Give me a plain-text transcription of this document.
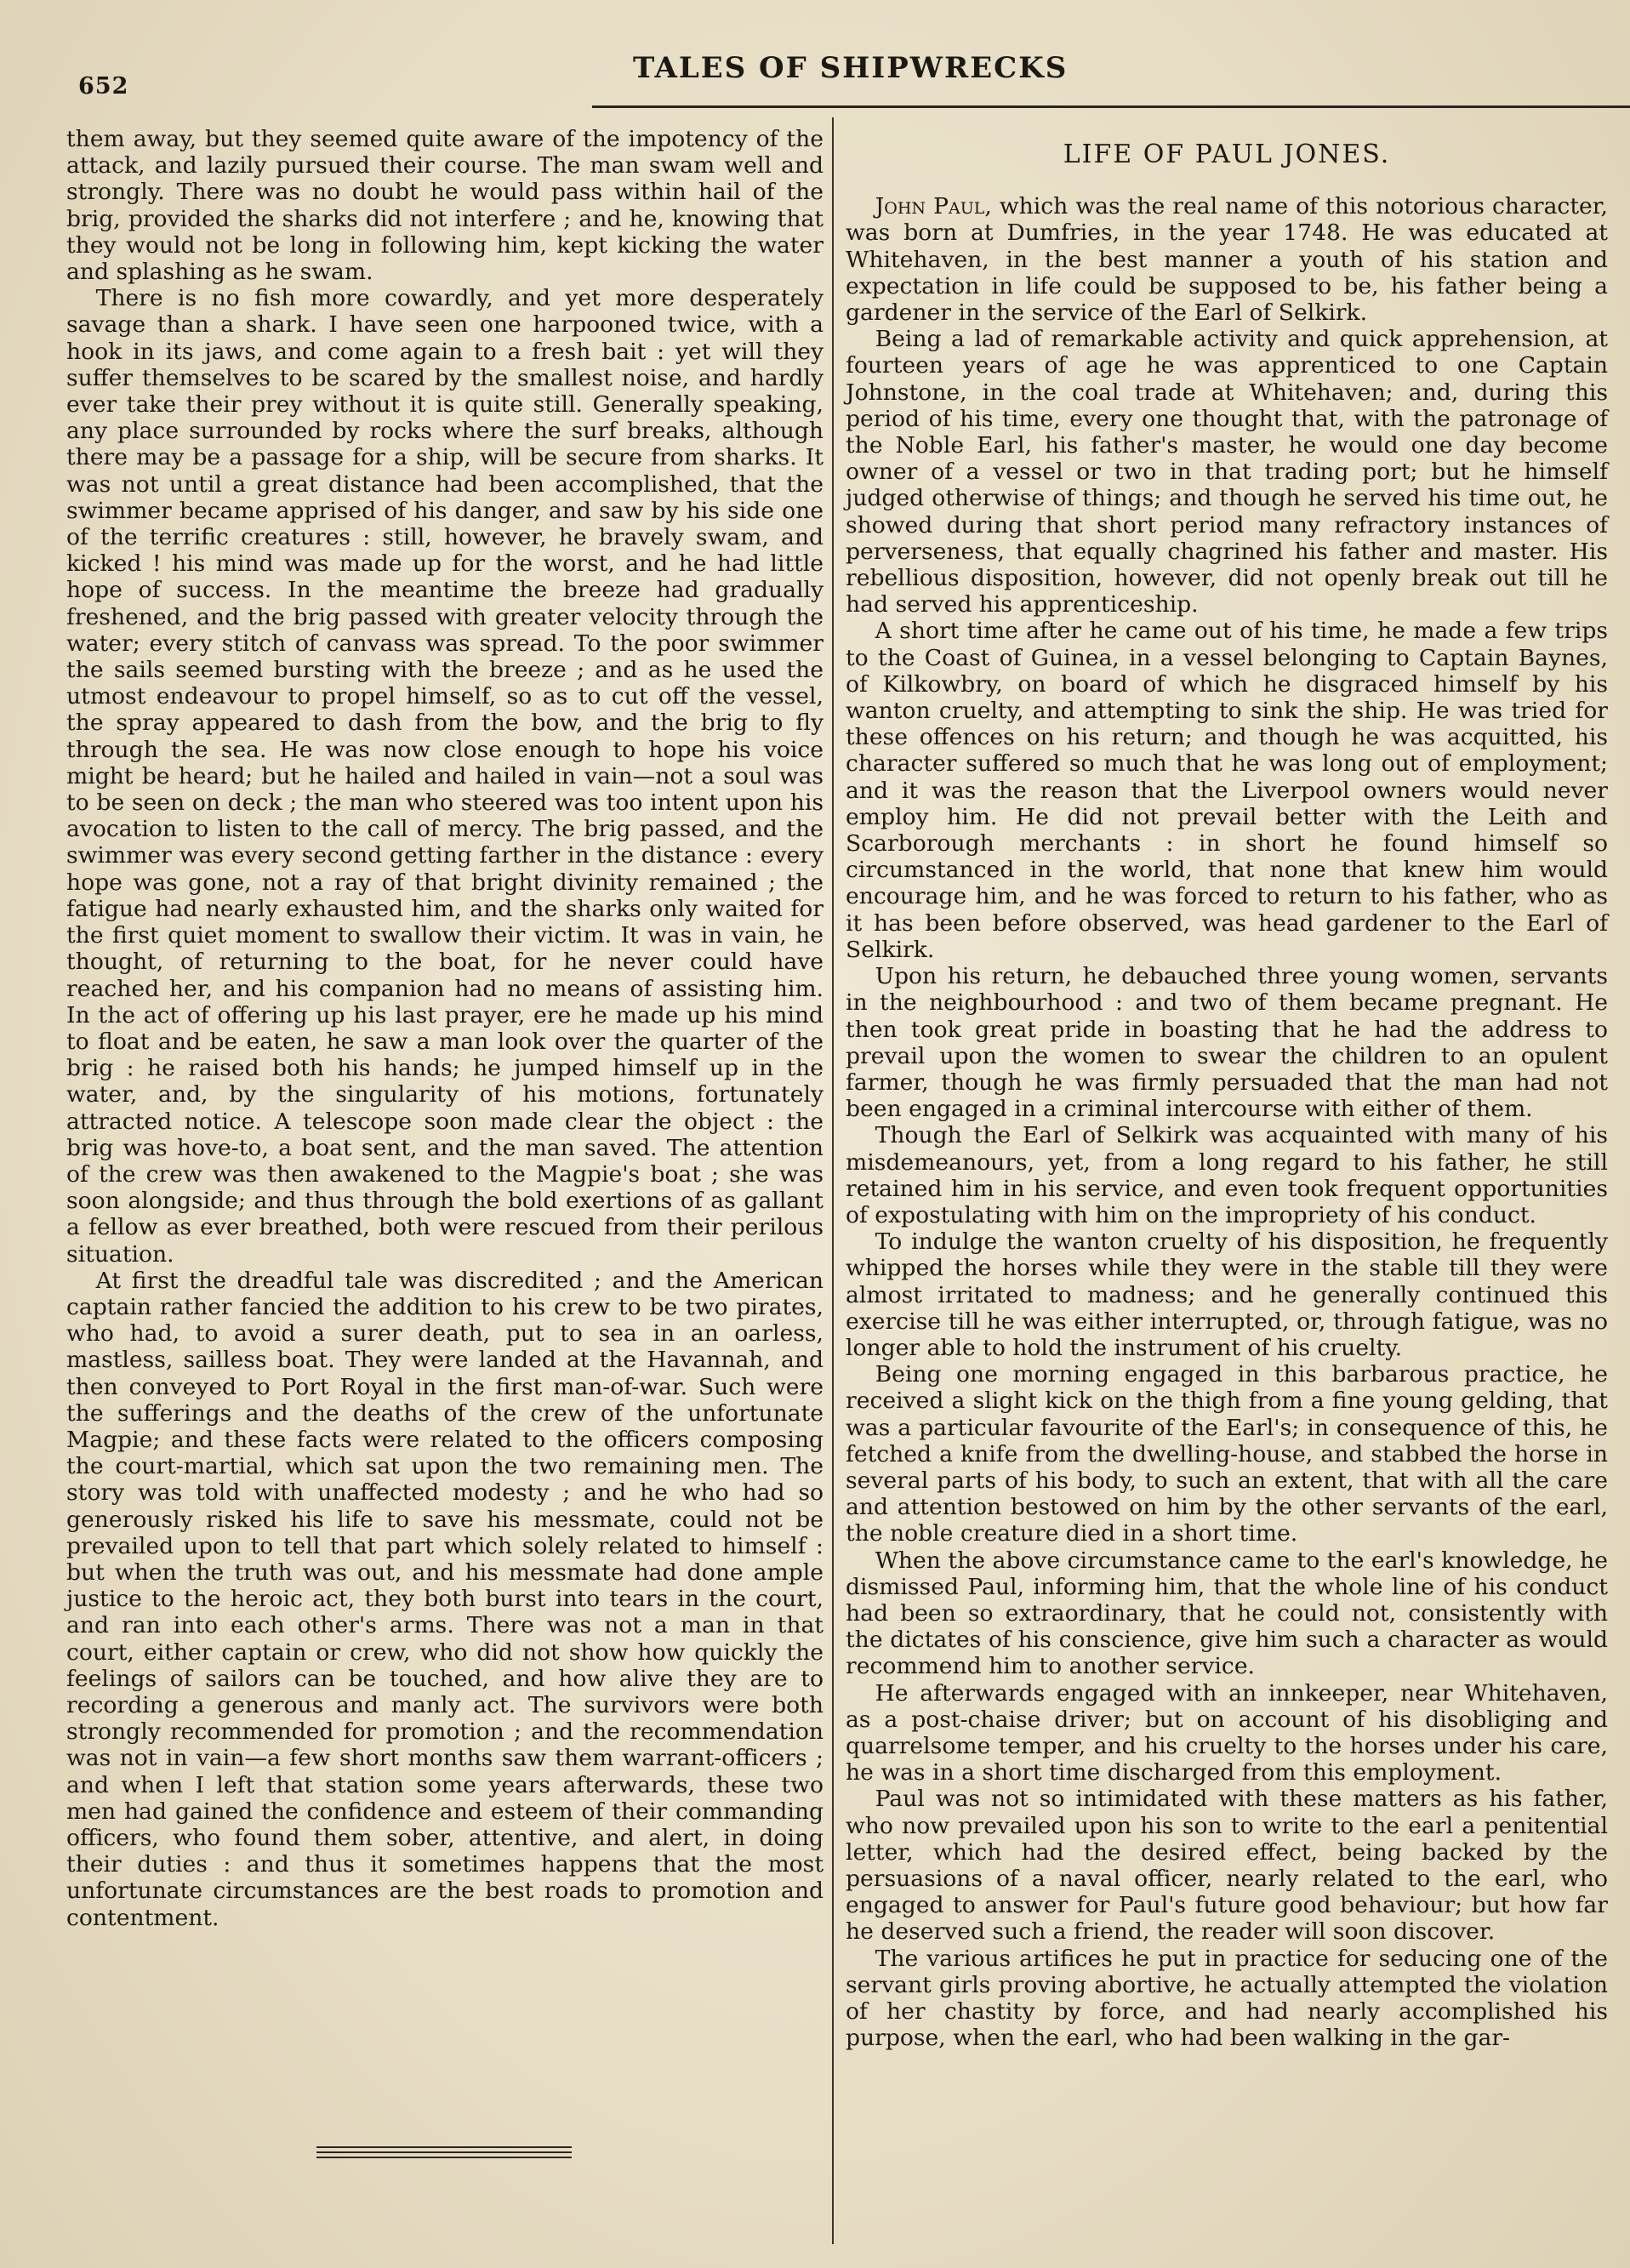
652
TALES OF SHIPWRECKS

them away, but they seemed quite aware of the impotency of the attack, and lazily pursued their course. The man swam well and strongly. There was no doubt he would pass within hail of the brig, provided the sharks did not interfere ; and he, knowing that they would not be long in following him, kept kicking the water and splashing as he swam.

There is no fish more cowardly, and yet more desperately savage than a shark. I have seen one harpooned twice, with a hook in its jaws, and come again to a fresh bait : yet will they suffer themselves to be scared by the smallest noise, and hardly ever take their prey without it is quite still. Generally speaking, any place surrounded by rocks where the surf breaks, although there may be a passage for a ship, will be secure from sharks. It was not until a great distance had been accomplished, that the swimmer became apprised of his danger, and saw by his side one of the terrific creatures : still, however, he bravely swam, and kicked ! his mind was made up for the worst, and he had little hope of success. In the meantime the breeze had gradually freshened, and the brig passed with greater velocity through the water; every stitch of canvass was spread. To the poor swimmer the sails seemed bursting with the breeze ; and as he used the utmost endeavour to propel himself, so as to cut off the vessel, the spray appeared to dash from the bow, and the brig to fly through the sea. He was now close enough to hope his voice might be heard; but he hailed and hailed in vain—not a soul was to be seen on deck ; the man who steered was too intent upon his avocation to listen to the call of mercy. The brig passed, and the swimmer was every second getting farther in the distance : every hope was gone, not a ray of that bright divinity remained ; the fatigue had nearly exhausted him, and the sharks only waited for the first quiet moment to swallow their victim. It was in vain, he thought, of returning to the boat, for he never could have reached her, and his companion had no means of assisting him. In the act of offering up his last prayer, ere he made up his mind to float and be eaten, he saw a man look over the quarter of the brig : he raised both his hands; he jumped himself up in the water, and, by the singularity of his motions, fortunately attracted notice. A telescope soon made clear the object : the brig was hove-to, a boat sent, and the man saved. The attention of the crew was then awakened to the Magpie's boat ; she was soon alongside; and thus through the bold exertions of as gallant a fellow as ever breathed, both were rescued from their perilous situation.

At first the dreadful tale was discredited ; and the American captain rather fancied the addition to his crew to be two pirates, who had, to avoid a surer death, put to sea in an oarless, mastless, sailless boat. They were landed at the Havannah, and then conveyed to Port Royal in the first man-of-war. Such were the sufferings and the deaths of the crew of the unfortunate Magpie; and these facts were related to the officers composing the court-martial, which sat upon the two remaining men. The story was told with unaffected modesty ; and he who had so generously risked his life to save his messmate, could not be prevailed upon to tell that part which solely related to himself : but when the truth was out, and his messmate had done ample justice to the heroic act, they both burst into tears in the court, and ran into each other's arms. There was not a man in that court, either captain or crew, who did not show how quickly the feelings of sailors can be touched, and how alive they are to recording a generous and manly act. The survivors were both strongly recommended for promotion ; and the recommendation was not in vain—a few short months saw them warrant-officers ; and when I left that station some years afterwards, these two men had gained the confidence and esteem of their commanding officers, who found them sober, attentive, and alert, in doing their duties : and thus it sometimes happens that the most unfortunate circumstances are the best roads to promotion and contentment.

LIFE OF PAUL JONES.

John Paul, which was the real name of this notorious character, was born at Dumfries, in the year 1748. He was educated at Whitehaven, in the best manner a youth of his station and expectation in life could be supposed to be, his father being a gardener in the service of the Earl of Selkirk.

Being a lad of remarkable activity and quick apprehension, at fourteen years of age he was apprenticed to one Captain Johnstone, in the coal trade at Whitehaven; and, during this period of his time, every one thought that, with the patronage of the Noble Earl, his father's master, he would one day become owner of a vessel or two in that trading port; but he himself judged otherwise of things; and though he served his time out, he showed during that short period many refractory instances of perverseness, that equally chagrined his father and master. His rebellious disposition, however, did not openly break out till he had served his apprenticeship.

A short time after he came out of his time, he made a few trips to the Coast of Guinea, in a vessel belonging to Captain Baynes, of Kilkowbry, on board of which he disgraced himself by his wanton cruelty, and attempting to sink the ship. He was tried for these offences on his return; and though he was acquitted, his character suffered so much that he was long out of employment; and it was the reason that the Liverpool owners would never employ him. He did not prevail better with the Leith and Scarborough merchants : in short he found himself so circumstanced in the world, that none that knew him would encourage him, and he was forced to return to his father, who as it has been before observed, was head gardener to the Earl of Selkirk.

Upon his return, he debauched three young women, servants in the neighbourhood : and two of them became pregnant. He then took great pride in boasting that he had the address to prevail upon the women to swear the children to an opulent farmer, though he was firmly persuaded that the man had not been engaged in a criminal intercourse with either of them.

Though the Earl of Selkirk was acquainted with many of his misdemeanours, yet, from a long regard to his father, he still retained him in his service, and even took frequent opportunities of expostulating with him on the impropriety of his conduct.

To indulge the wanton cruelty of his disposition, he frequently whipped the horses while they were in the stable till they were almost irritated to madness; and he generally continued this exercise till he was either interrupted, or, through fatigue, was no longer able to hold the instrument of his cruelty.

Being one morning engaged in this barbarous practice, he received a slight kick on the thigh from a fine young gelding, that was a particular favourite of the Earl's; in consequence of this, he fetched a knife from the dwelling-house, and stabbed the horse in several parts of his body, to such an extent, that with all the care and attention bestowed on him by the other servants of the earl, the noble creature died in a short time.

When the above circumstance came to the earl's knowledge, he dismissed Paul, informing him, that the whole line of his conduct had been so extraordinary, that he could not, consistently with the dictates of his conscience, give him such a character as would recommend him to another service.

He afterwards engaged with an innkeeper, near Whitehaven, as a post-chaise driver; but on account of his disobliging and quarrelsome temper, and his cruelty to the horses under his care, he was in a short time discharged from this employment.

Paul was not so intimidated with these matters as his father, who now prevailed upon his son to write to the earl a penitential letter, which had the desired effect, being backed by the persuasions of a naval officer, nearly related to the earl, who engaged to answer for Paul's future good behaviour; but how far he deserved such a friend, the reader will soon discover.

The various artifices he put in practice for seducing one of the servant girls proving abortive, he actually attempted the violation of her chastity by force, and had nearly accomplished his purpose, when the earl, who had been walking in the gar-
